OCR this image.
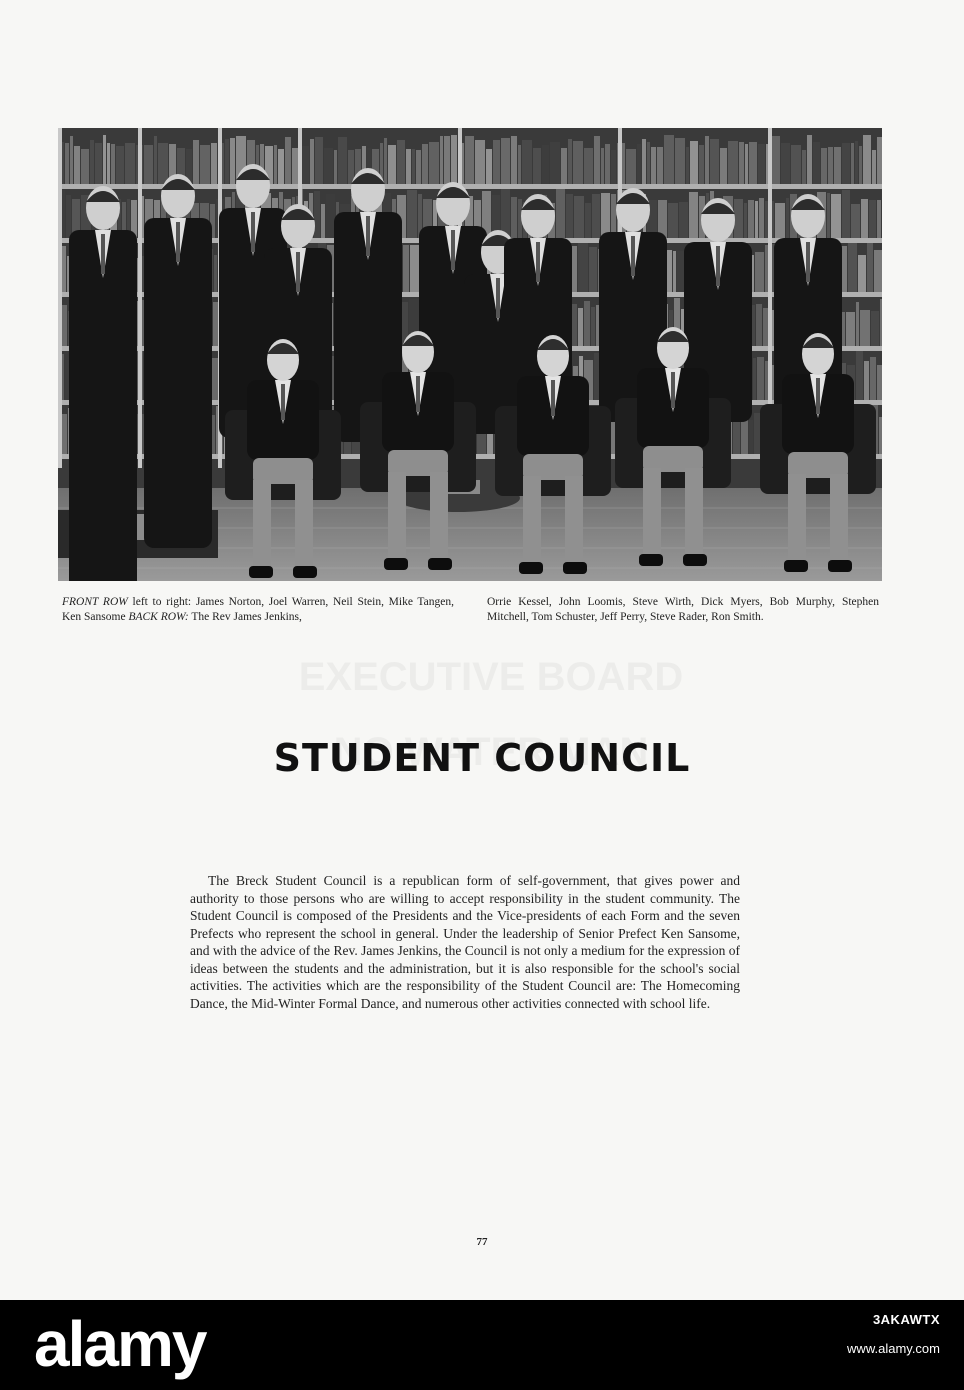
FRONT ROW left to right: James Norton, Joel Warren, Neil Stein, Mike Tangen, Ken Sansome BACK ROW: The Rev James Jenkins,
Orrie Kessel, John Loomis, Steve Wirth, Dick Myers, Bob Murphy, Stephen Mitchell, Tom Schuster, Jeff Perry, Steve Rader, Ron Smith.
STUDENT COUNCIL
The Breck Student Council is a republican form of self-government, that gives power and authority to those persons who are willing to accept responsibility in the student community. The Student Council is composed of the Presidents and the Vice-presidents of each Form and the seven Prefects who represent the school in general. Under the leadership of Senior Prefect Ken Sansome, and with the advice of the Rev. James Jenkins, the Council is not only a medium for the expression of ideas between the students and the administration, but it is also responsible for the school's social activities. The activities which are the responsibility of the Student Council are: The Homecoming Dance, the Mid-Winter Formal Dance, and numerous other activities connected with school life.
77
alamy	3AKAWTX
www.alamy.com
